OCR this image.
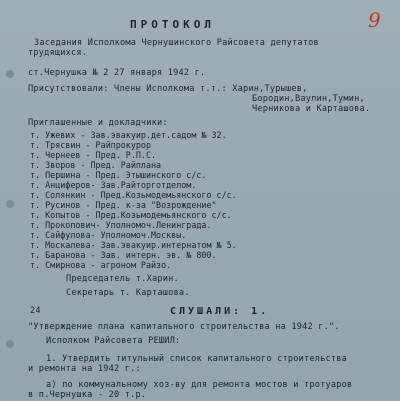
9
ПРОТОКОЛ
Заседания Исполкома Чернушинского Райсовета депутатов
трудящихся.
ст.Чернушка № 2 27 января 1942 г.
Присутствовали: Члены Исполкома т.т.: Харин,Турышев,
Бородин,Ваулин,Тумин,
Черникова и Карташова.
Приглашенные и докладчики:
т. Ужевих - Зав.эвакуир.дет.садом № 32.
т. Трясвин - Райпрокурор
т. Чернеев - Пред. Р.П.С.
т. Зворов - Пред. Райплана
т. Першина - Пред. Этышинского с/с.
т. Анциферов- Зав.Райторготделом.
т. Солянкин - Пред.Козьмодемьянского с/с.
т. Русинов - Пред. к-за "Возрождение"
т. Копытов - Пред.Козьмодемьянского с/с.
т. Прокопович- Уполномоч.Ленинграда.
т. Сайфулова- Уполномоч.Москвы.
т. Москалева- Зав.эвакуир.интернатом № 5.
т. Баранова - Зав. интерн. эв. № 800.
т. Смирнова - агроном Райзо.
Председатель т.Харин.
Секретарь т. Карташова.
24	СЛУШАЛИ: 1.
"Утверждение плана капитального строительства на 1942 г.".
Исполком Райсовета РЕШИЛ:
1. Утвердить титульный список капитального строительства
и ремонта на 1942 г.:
а) по коммунальному хоз-ву для ремонта мостов и тротуаров
в п.Чернушка - 20 т.р.
